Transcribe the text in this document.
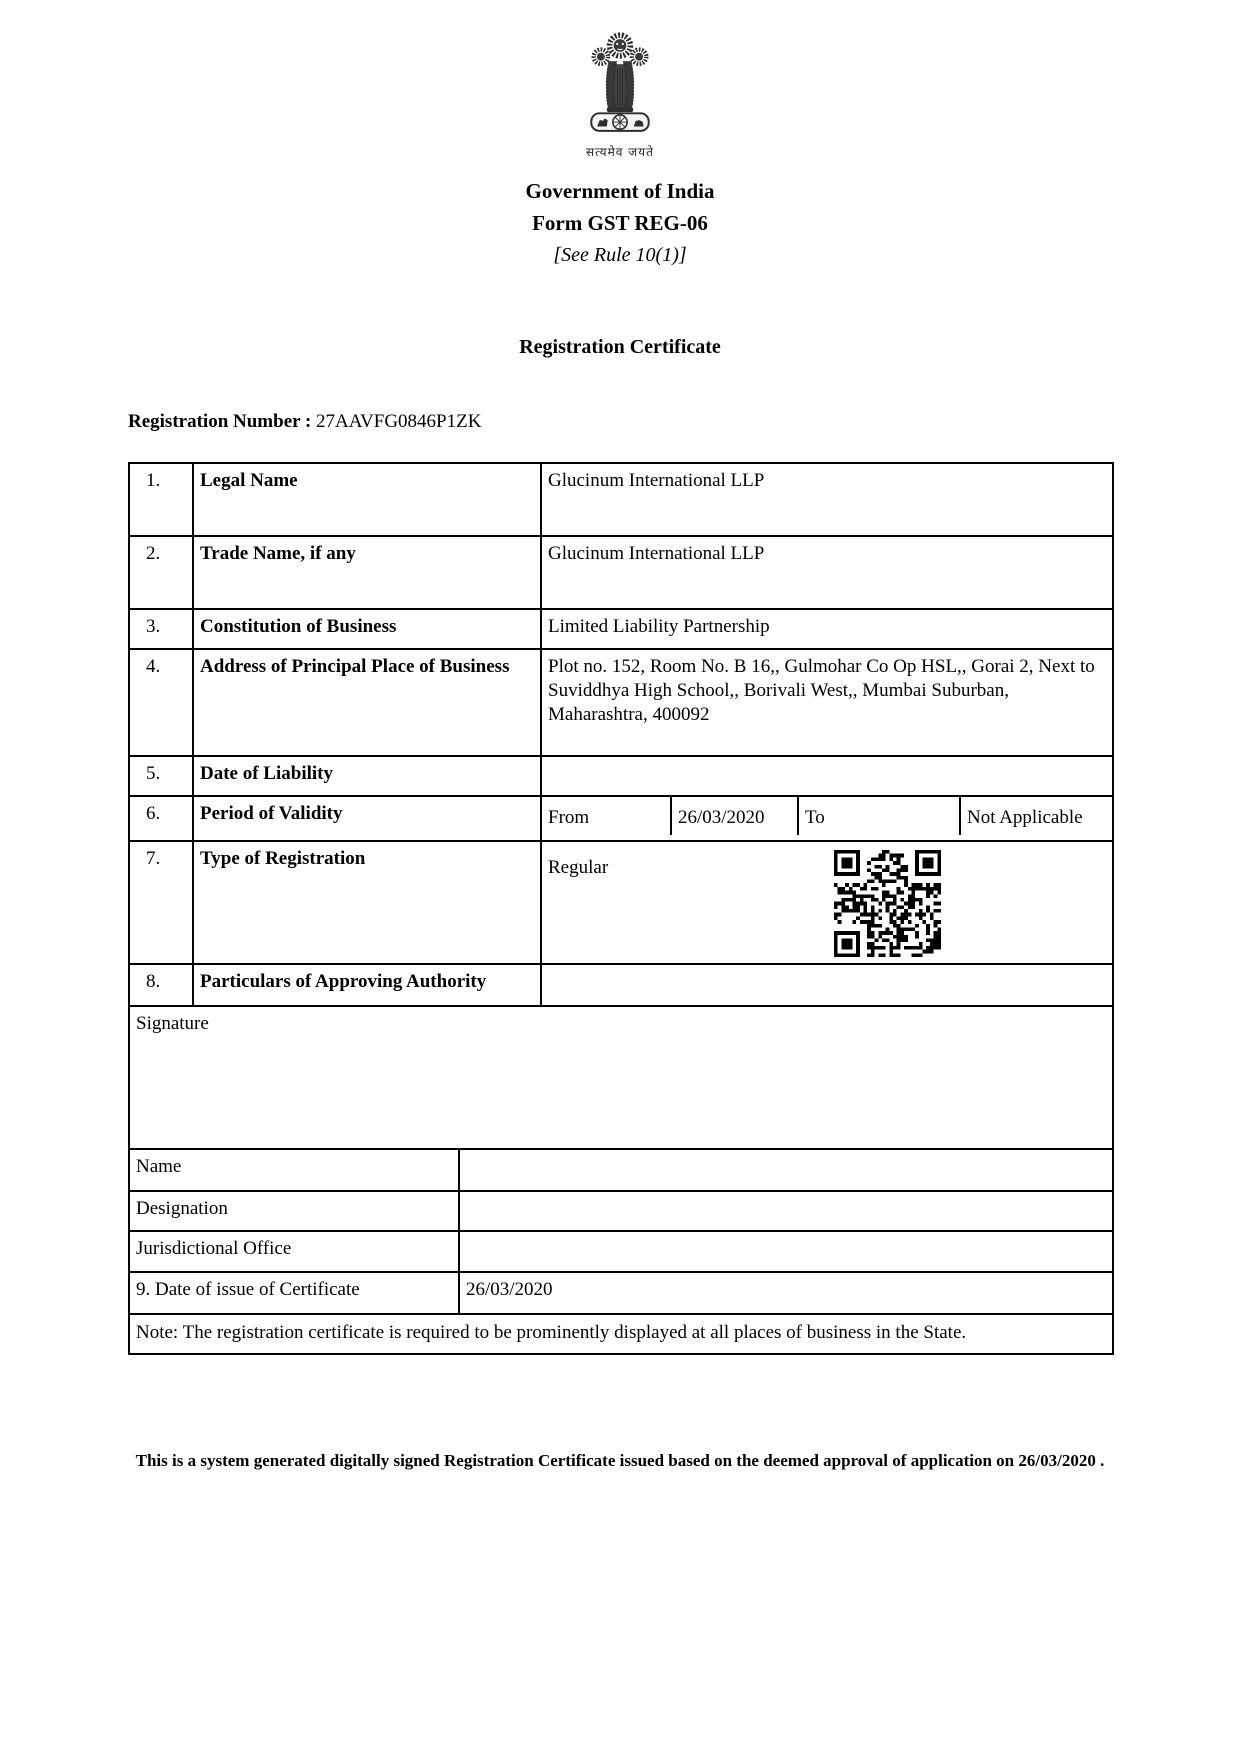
सत्यमेव जयते
Government of India
Form GST REG-06
[See Rule 10(1)]
Registration Certificate
Registration Number : 27AAVFG0846P1ZK
1.	Legal Name	Glucinum International LLP
2.	Trade Name, if any	Glucinum International LLP
3.	Constitution of Business	Limited Liability Partnership
4.	Address of Principal Place of Business	Plot no. 152, Room No. B 16,, Gulmohar Co Op HSL,, Gorai 2, Next to Suviddhya High School,, Borivali West,, Mumbai Suburban, Maharashtra, 400092
5.	Date of Liability	
6.	Period of Validity	From 26/03/2020 To Not Applicable

7.	Type of Registration	Regular

8.	Particulars of Approving Authority	
Signature		
Name	
Designation	
Jurisdictional Office	
9. Date of issue of Certificate	26/03/2020
Note: The registration certificate is required to be prominently displayed at all places of business in the State.	
This is a system generated digitally signed Registration Certificate issued based on the deemed approval of application on 26/03/2020 .
